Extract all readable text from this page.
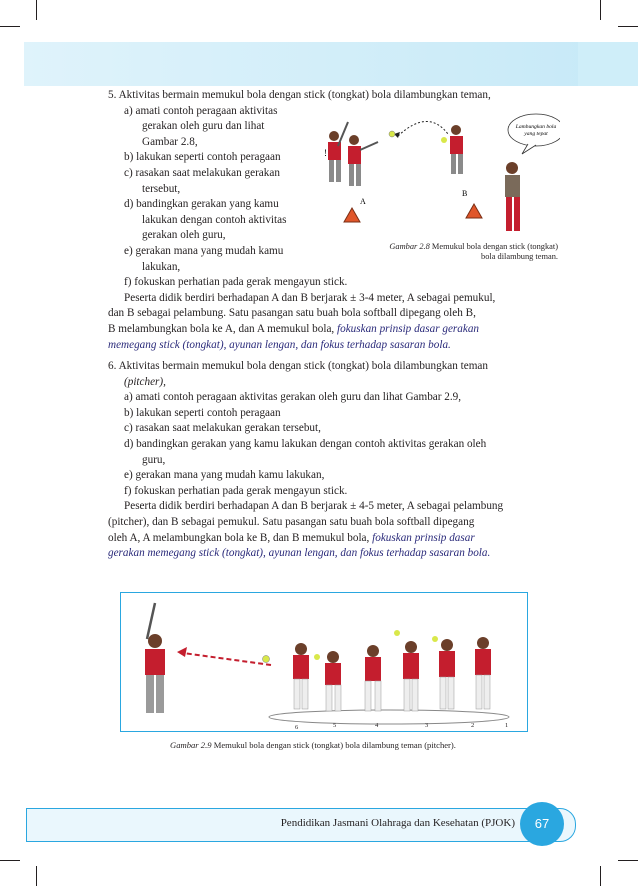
5. Aktivitas bermain memukul bola dengan stick (tongkat) bola dilambungkan teman,

a) amati contoh peragaan aktivitas

gerakan oleh guru dan lihat

Gambar 2.8,

b) lakukan seperti contoh peragaan

c) rasakan saat melakukan gerakan

tersebut,

d) bandingkan gerakan yang kamu

lakukan dengan contoh aktivitas

gerakan oleh guru,

e) gerakan mana yang mudah kamu

lakukan,

f) fokuskan perhatian pada gerak mengayun stick.

Peserta didik berdiri berhadapan A dan B berjarak ± 3-4 meter, A sebagai pemukul,

dan B sebagai pelambung. Satu pasangan satu buah bola softball dipegang oleh B,

B melambungkan bola ke A, dan A memukul bola, fokuskan prinsip dasar gerakan

memegang stick (tongkat), ayunan lengan, dan fokus terhadap sasaran bola.

6. Aktivitas bermain memukul bola dengan stick (tongkat) bola dilambungkan teman

(pitcher),

a) amati contoh peragaan aktivitas gerakan oleh guru dan lihat Gambar 2.9,

b) lakukan seperti contoh peragaan

c) rasakan saat melakukan gerakan tersebut,

d) bandingkan gerakan yang kamu lakukan dengan contoh aktivitas gerakan oleh

guru,

e) gerakan mana yang mudah kamu lakukan,

f) fokuskan perhatian pada gerak mengayun stick.

Peserta didik berdiri berhadapan A dan B berjarak ± 4-5 meter, A sebagai pelambung

(pitcher), dan B sebagai pemukul. Satu pasangan satu buah bola softball dipegang

oleh A, A melambungkan bola ke B, dan B memukul bola, fokuskan prinsip dasar

gerakan memegang stick (tongkat), ayunan lengan, dan fokus terhadap sasaran bola.

!
A
Lambungkan bola
yang tepat
B
Gambar 2.8 Memukul bola dengan stick (tongkat)
bola dilambung teman.
6	5	4	3	2	1
Gambar 2.9 Memukul bola dengan stick (tongkat) bola dilambung teman (pitcher).
Pendidikan Jasmani Olahraga dan Kesehatan (PJOK)	67
